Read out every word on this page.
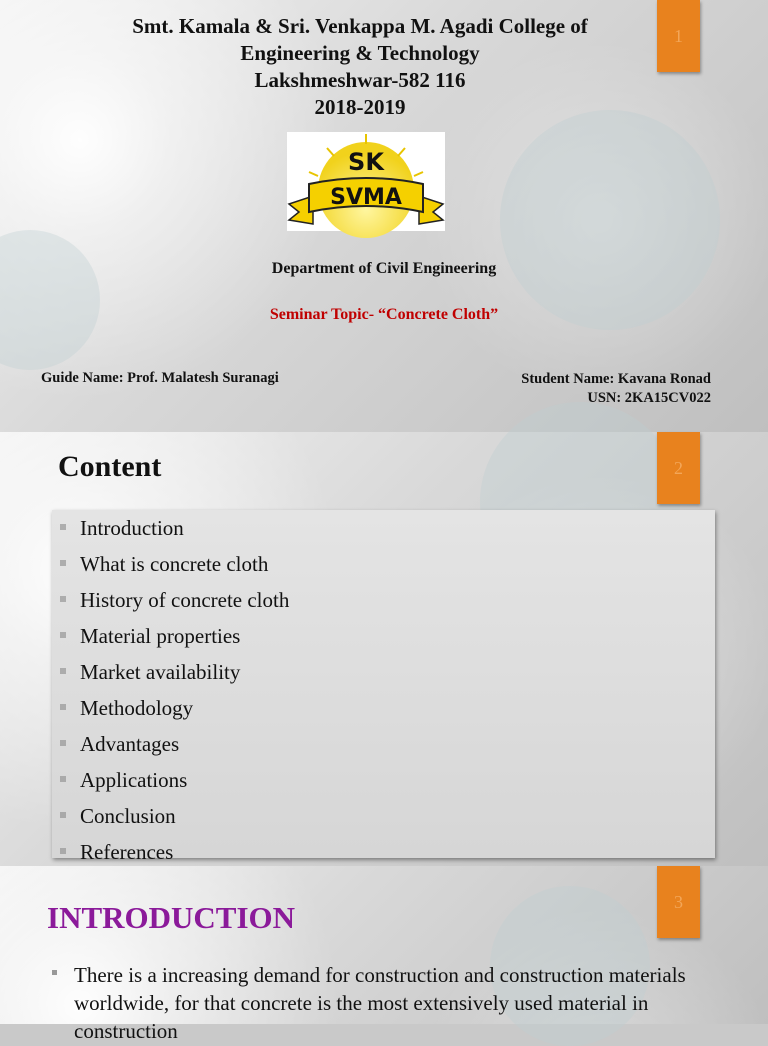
1
Smt. Kamala & Sri. Venkappa M. Agadi College of
Engineering & Technology
Lakshmeshwar-582 116
2018-2019
SK
SVMA
Department of Civil Engineering
Seminar Topic- “Concrete Cloth”
Guide Name: Prof. Malatesh Suranagi	Student Name: Kavana Ronad
USN: 2KA15CV022
2
Content
Introduction
What is concrete cloth
History of concrete cloth
Material properties
Market availability
Methodology
Advantages
Applications
Conclusion
References
3
INTRODUCTION
There is a increasing demand for construction and construction materials worldwide, for that concrete is the most extensively used material in construction
